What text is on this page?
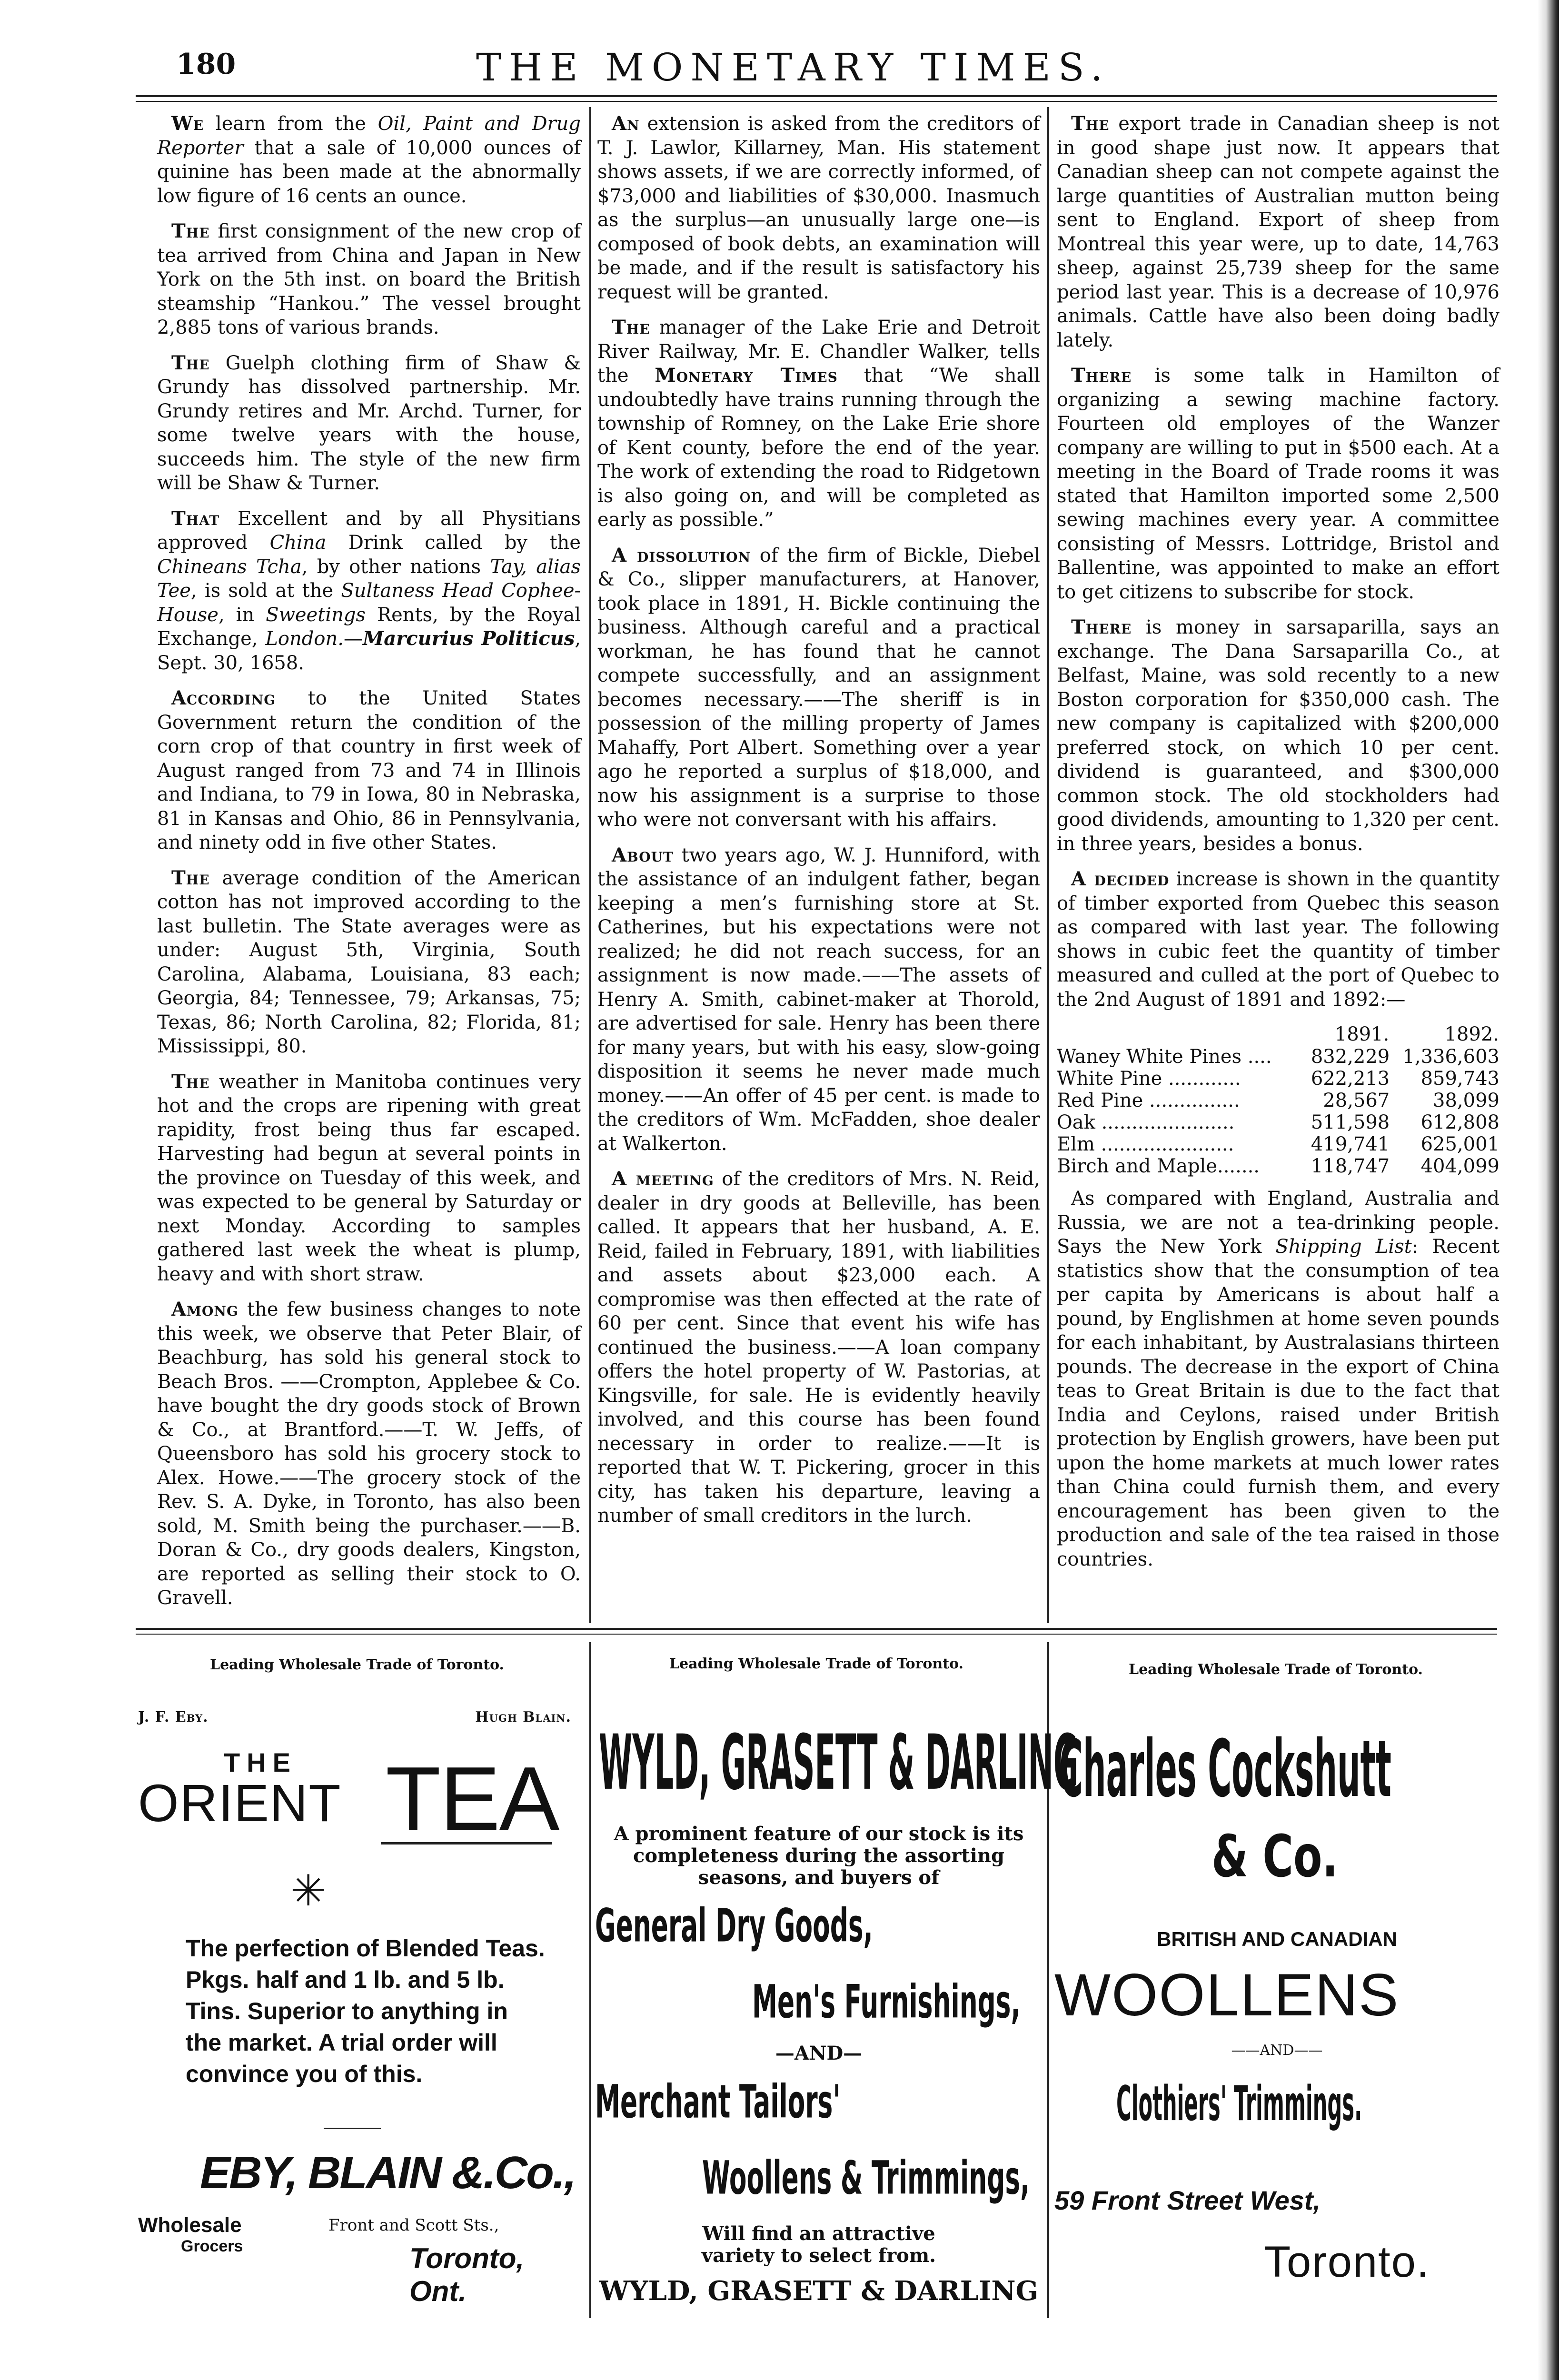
180	THE MONETARY TIMES.

We learn from the Oil, Paint and Drug Reporter that a sale of 10,000 ounces of quinine has been made at the abnormally low figure of 16 cents an ounce.

The first consignment of the new crop of tea arrived from China and Japan in New York on the 5th inst. on board the British steamship “Hankou.” The vessel brought 2,885 tons of various brands.

The Guelph clothing firm of Shaw & Grundy has dissolved partnership. Mr. Grundy retires and Mr. Archd. Turner, for some twelve years with the house, succeeds him. The style of the new firm will be Shaw & Turner.

That Excellent and by all Physitians approved China Drink called by the Chineans Tcha, by other nations Tay, alias Tee, is sold at the Sultaness Head Cophee-House, in Sweetings Rents, by the Royal Exchange, London.—Marcurius Politicus, Sept. 30, 1658.

According to the United States Government return the condition of the corn crop of that country in first week of August ranged from 73 and 74 in Illinois and Indiana, to 79 in Iowa, 80 in Nebraska, 81 in Kansas and Ohio, 86 in Pennsylvania, and ninety odd in five other States.

The average condition of the American cotton has not improved according to the last bulletin. The State averages were as under: August 5th, Virginia, South Carolina, Alabama, Louisiana, 83 each; Georgia, 84; Tennessee, 79; Arkansas, 75; Texas, 86; North Carolina, 82; Florida, 81; Mississippi, 80.

The weather in Manitoba continues very hot and the crops are ripening with great rapidity, frost being thus far escaped. Harvesting had begun at several points in the province on Tuesday of this week, and was expected to be general by Saturday or next Monday. According to samples gathered last week the wheat is plump, heavy and with short straw.

Among the few business changes to note this week, we observe that Peter Blair, of Beachburg, has sold his general stock to Beach Bros. ——Crompton, Applebee & Co. have bought the dry goods stock of Brown & Co., at Brantford.——T. W. Jeffs, of Queensboro has sold his grocery stock to Alex. Howe.——The grocery stock of the Rev. S. A. Dyke, in Toronto, has also been sold, M. Smith being the purchaser.——B. Doran & Co., dry goods dealers, Kingston, are reported as selling their stock to O. Gravell.

An extension is asked from the creditors of T. J. Lawlor, Killarney, Man. His statement shows assets, if we are correctly informed, of $73,000 and liabilities of $30,000. Inasmuch as the surplus—an unusually large one—is composed of book debts, an examination will be made, and if the result is satisfactory his request will be granted.

The manager of the Lake Erie and Detroit River Railway, Mr. E. Chandler Walker, tells the Monetary Times that “We shall undoubtedly have trains running through the township of Romney, on the Lake Erie shore of Kent county, before the end of the year. The work of extending the road to Ridgetown is also going on, and will be completed as early as possible.”

A dissolution of the firm of Bickle, Diebel & Co., slipper manufacturers, at Hanover, took place in 1891, H. Bickle continuing the business. Although careful and a practical workman, he has found that he cannot compete successfully, and an assignment becomes necessary.——The sheriff is in possession of the milling property of James Mahaffy, Port Albert. Something over a year ago he reported a surplus of $18,000, and now his assignment is a surprise to those who were not conversant with his affairs.

About two years ago, W. J. Hunniford, with the assistance of an indulgent father, began keeping a men’s furnishing store at St. Catherines, but his expectations were not realized; he did not reach success, for an assignment is now made.——The assets of Henry A. Smith, cabinet-maker at Thorold, are advertised for sale. Henry has been there for many years, but with his easy, slow-going disposition it seems he never made much money.——An offer of 45 per cent. is made to the creditors of Wm. McFadden, shoe dealer at Walkerton.

A meeting of the creditors of Mrs. N. Reid, dealer in dry goods at Belleville, has been called. It appears that her husband, A. E. Reid, failed in February, 1891, with liabilities and assets about $23,000 each. A compromise was then effected at the rate of 60 per cent. Since that event his wife has continued the business.——A loan company offers the hotel property of W. Pastorias, at Kingsville, for sale. He is evidently heavily involved, and this course has been found necessary in order to realize.——It is reported that W. T. Pickering, grocer in this city, has taken his departure, leaving a number of small creditors in the lurch.

The export trade in Canadian sheep is not in good shape just now. It appears that Canadian sheep can not compete against the large quantities of Australian mutton being sent to England. Export of sheep from Montreal this year were, up to date, 14,763 sheep, against 25,739 sheep for the same period last year. This is a decrease of 10,976 animals. Cattle have also been doing badly lately.

There is some talk in Hamilton of organizing a sewing machine factory. Fourteen old employes of the Wanzer company are willing to put in $500 each. At a meeting in the Board of Trade rooms it was stated that Hamilton imported some 2,500 sewing machines every year. A committee consisting of Messrs. Lottridge, Bristol and Ballentine, was appointed to make an effort to get citizens to subscribe for stock.

There is money in sarsaparilla, says an exchange. The Dana Sarsaparilla Co., at Belfast, Maine, was sold recently to a new Boston corporation for $350,000 cash. The new company is capitalized with $200,000 preferred stock, on which 10 per cent. dividend is guaranteed, and $300,000 common stock. The old stockholders had good dividends, amounting to 1,320 per cent. in three years, besides a bonus.

A decided increase is shown in the quantity of timber exported from Quebec this season as compared with last year. The following shows in cubic feet the quantity of timber measured and culled at the port of Quebec to the 2nd August of 1891 and 1892:—

	1891.	1892.
Waney White Pines ....	832,229	1,336,603
White Pine ............	622,213	859,743
Red Pine ...............	28,567	38,099
Oak ......................	511,598	612,808
Elm ......................	419,741	625,001
Birch and Maple.......	118,747	404,099

As compared with England, Australia and Russia, we are not a tea-drinking people. Says the New York Shipping List: Recent statistics show that the consumption of tea per capita by Americans is about half a pound, by Englishmen at home seven pounds for each inhabitant, by Australasians thirteen pounds. The decrease in the export of China teas to Great Britain is due to the fact that India and Ceylons, raised under British protection by English growers, have been put upon the home markets at much lower rates than China could furnish them, and every encouragement has been given to the production and sale of the tea raised in those countries.

Leading Wholesale Trade of Toronto.	Leading Wholesale Trade of Toronto.	Leading Wholesale Trade of Toronto.
J. F. Eby.	Hugh Blain.
THE
ORIENT TEA
✳
The perfection of Blended Teas. Pkgs. half and 1 lb. and 5 lb. Tins. Superior to anything in the market. A trial order will convince you of this.
EBY, BLAIN &.Co.,
Wholesale
Grocers
Front and Scott Sts.,
Toronto, Ont.
WYLD, GRASETT & DARLING
A prominent feature of our stock is its completeness during the assorting seasons, and buyers of
General Dry Goods,
Men's Furnishings,
—AND—
Merchant Tailors'
Woollens & Trimmings,
Will find an attractive variety to select from.
WYLD, GRASETT & DARLING
Charles Cockshutt
& Co.
BRITISH AND CANADIAN
WOOLLENS
——AND——
Clothiers' Trimmings.
59 Front Street West,
Toronto.
